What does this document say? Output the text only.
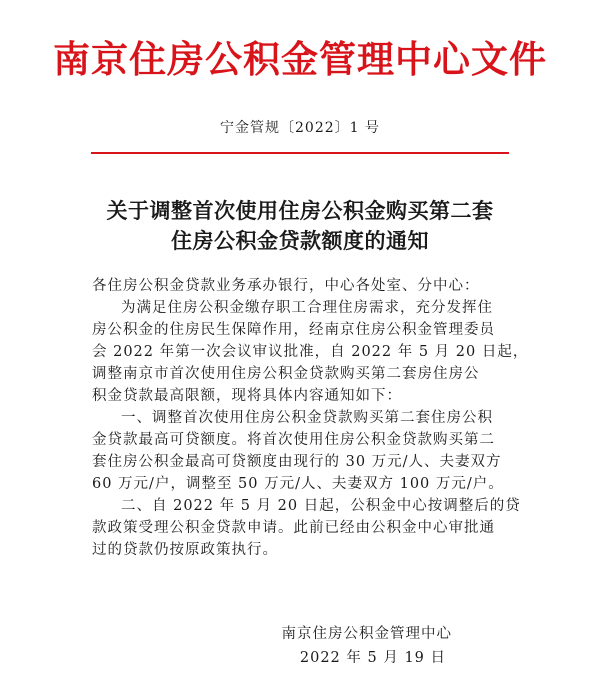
南京住房公积金管理中心文件
宁金管规〔2022〕1 号
关于调整首次使用住房公积金购买第二套
住房公积金贷款额度的通知

各住房公积金贷款业务承办银行，中心各处室、分中心：

为满足住房公积金缴存职工合理住房需求，充分发挥住

房公积金的住房民生保障作用，经南京住房公积金管理委员

会 2022 年第一次会议审议批准，自 2022 年 5 月 20 日起，

调整南京市首次使用住房公积金贷款购买第二套房住房公

积金贷款最高限额，现将具体内容通知如下：

一、调整首次使用住房公积金贷款购买第二套住房公积

金贷款最高可贷额度。将首次使用住房公积金贷款购买第二

套住房公积金最高可贷额度由现行的 30 万元/人、夫妻双方

60 万元/户，调整至 50 万元/人、夫妻双方 100 万元/户。

二、自 2022 年 5 月 20 日起，公积金中心按调整后的贷

款政策受理公积金贷款申请。此前已经由公积金中心审批通

过的贷款仍按原政策执行。

南京住房公积金管理中心
2022 年 5 月 19 日
